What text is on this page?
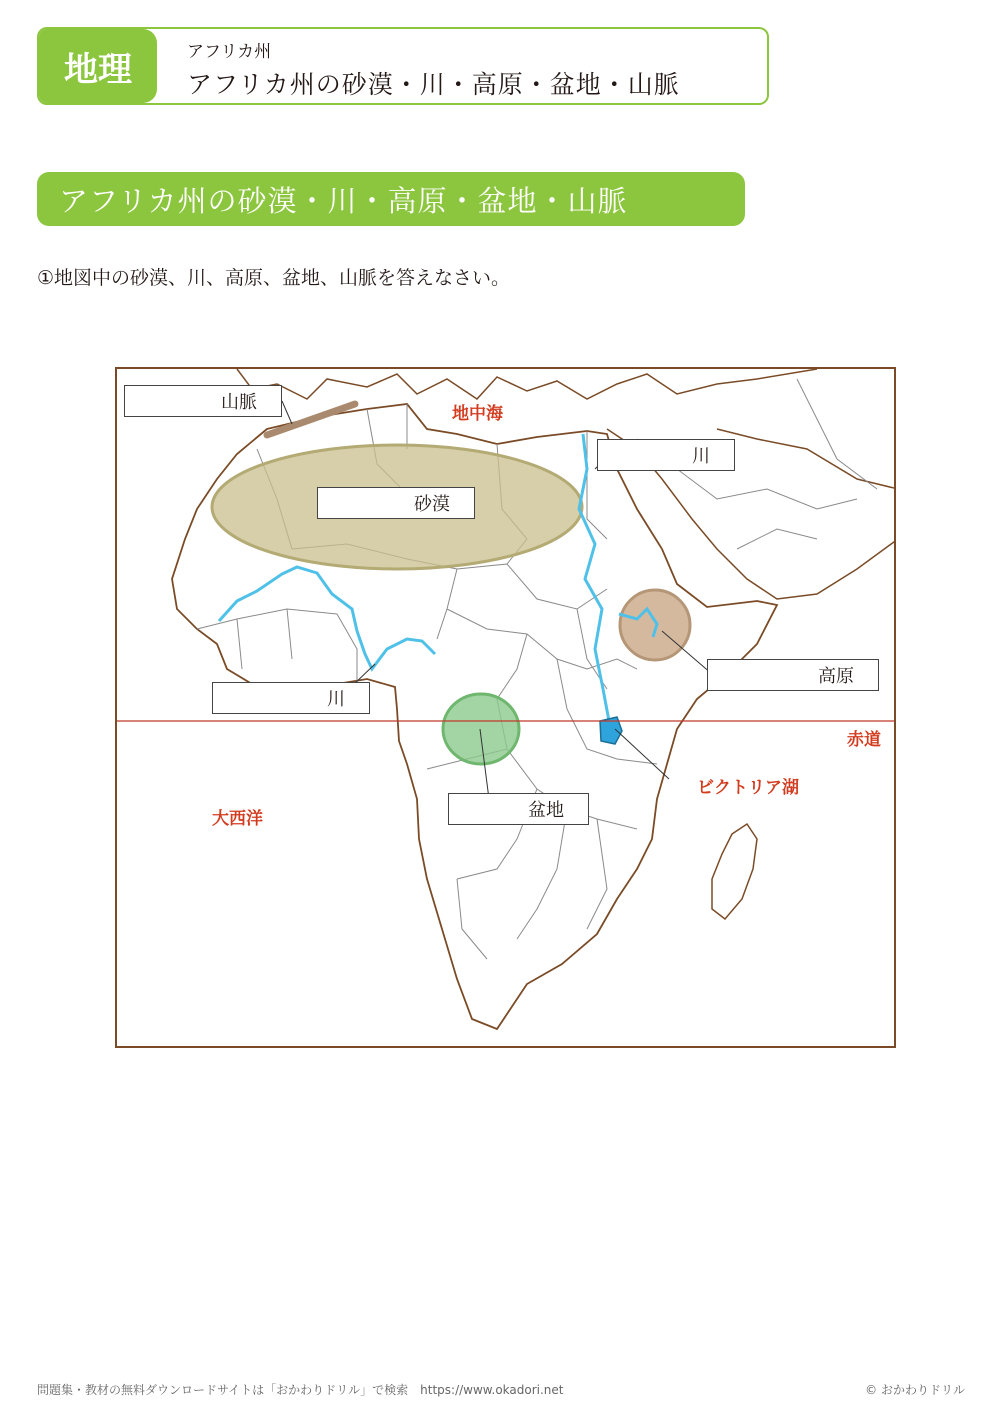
地理	アフリカ州
アフリカ州の砂漠・川・高原・盆地・山脈
アフリカ州の砂漠・川・高原・盆地・山脈
①地図中の砂漠、川、高原、盆地、山脈を答えなさい。
山脈
砂漠
川
川
高原
盆地
地中海
赤道
ビクトリア湖
大西洋
問題集・教材の無料ダウンロードサイトは「おかわりドリル」で検索　https://www.okadori.net	© おかわりドリル
